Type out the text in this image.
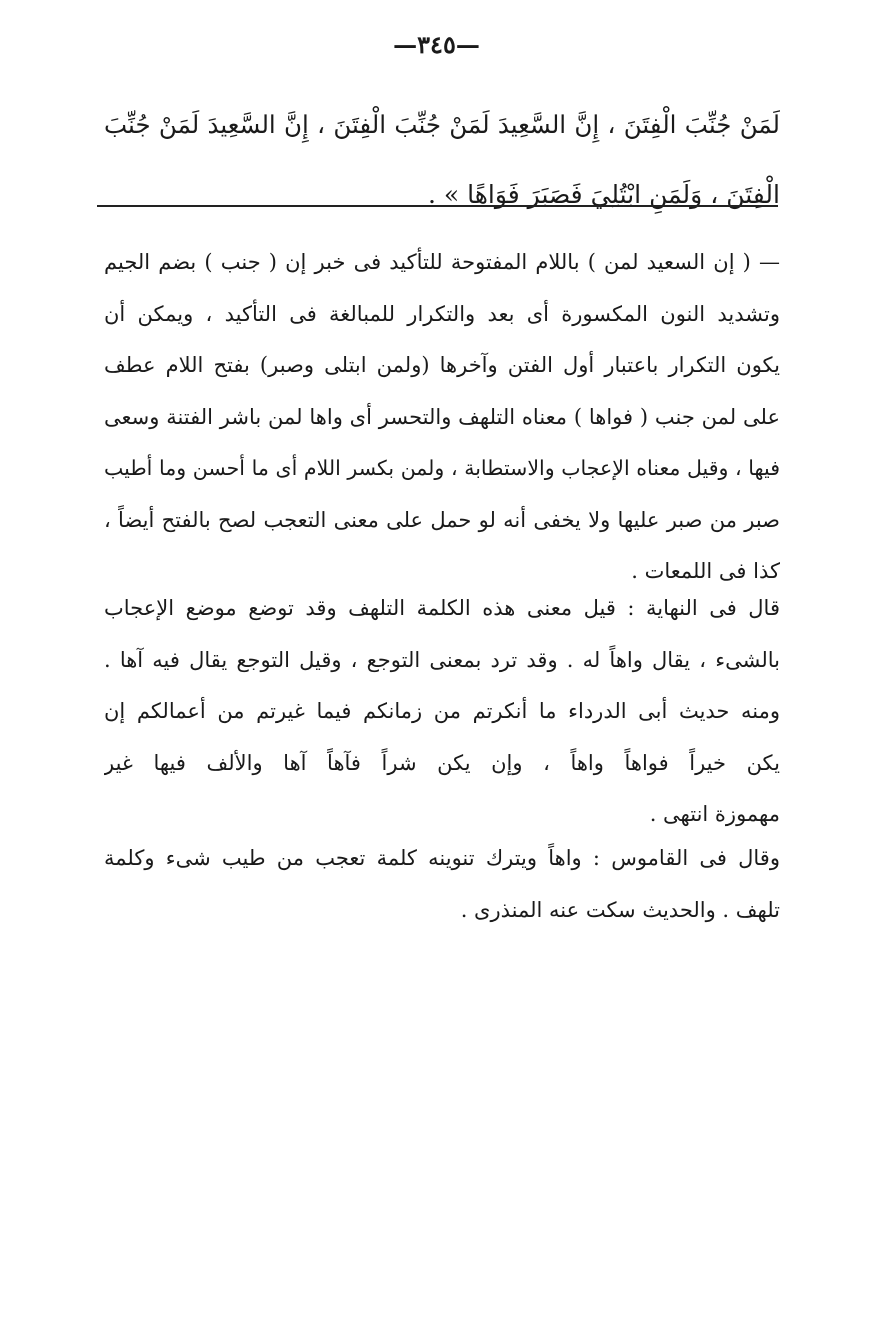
—٣٤٥—
لَمَنْ جُنِّبَ الْفِتَنَ ، إِنَّ السَّعِيدَ لَمَنْ جُنِّبَ الْفِتَنَ ، إِنَّ السَّعِيدَ لَمَنْ جُنِّبَ
الْفِتَنَ ، وَلَمَنِ ابْتُلِيَ فَصَبَرَ فَوَاهًا » .
— ( إن السعيد لمن ) باللام المفتوحة للتأكيد فى خبر إن ( جنب ) بضم الجيم
وتشديد النون المكسورة أى بعد والتكرار للمبالغة فى التأكيد ، ويمكن أن
يكون التكرار باعتبار أول الفتن وآخرها (ولمن ابتلى وصبر) بفتح اللام عطف
على لمن جنب ( فواها ) معناه التلهف والتحسر أى واها لمن باشر الفتنة وسعى
فيها ، وقيل معناه الإعجاب والاستطابة ، ولمن بكسر اللام أى ما أحسن وما أطيب
صبر من صبر عليها ولا يخفى أنه لو حمل على معنى التعجب لصح بالفتح أيضاً ،
كذا فى اللمعات .
قال فى النهاية : قيل معنى هذه الكلمة التلهف وقد توضع موضع الإعجاب
بالشىء ، يقال واهاً له . وقد ترد بمعنى التوجع ، وقيل التوجع يقال فيه آها .
ومنه حديث أبى الدرداء ما أنكرتم من زمانكم فيما غيرتم من أعمالكم إن
يكن خيراً فواهاً واهاً ، وإن يكن شراً فآهاً آها والألف فيها غير
مهموزة انتهى .
وقال فى القاموس : واهاً ويترك تنوينه كلمة تعجب من طيب شىء وكلمة
تلهف . والحديث سكت عنه المنذرى .
